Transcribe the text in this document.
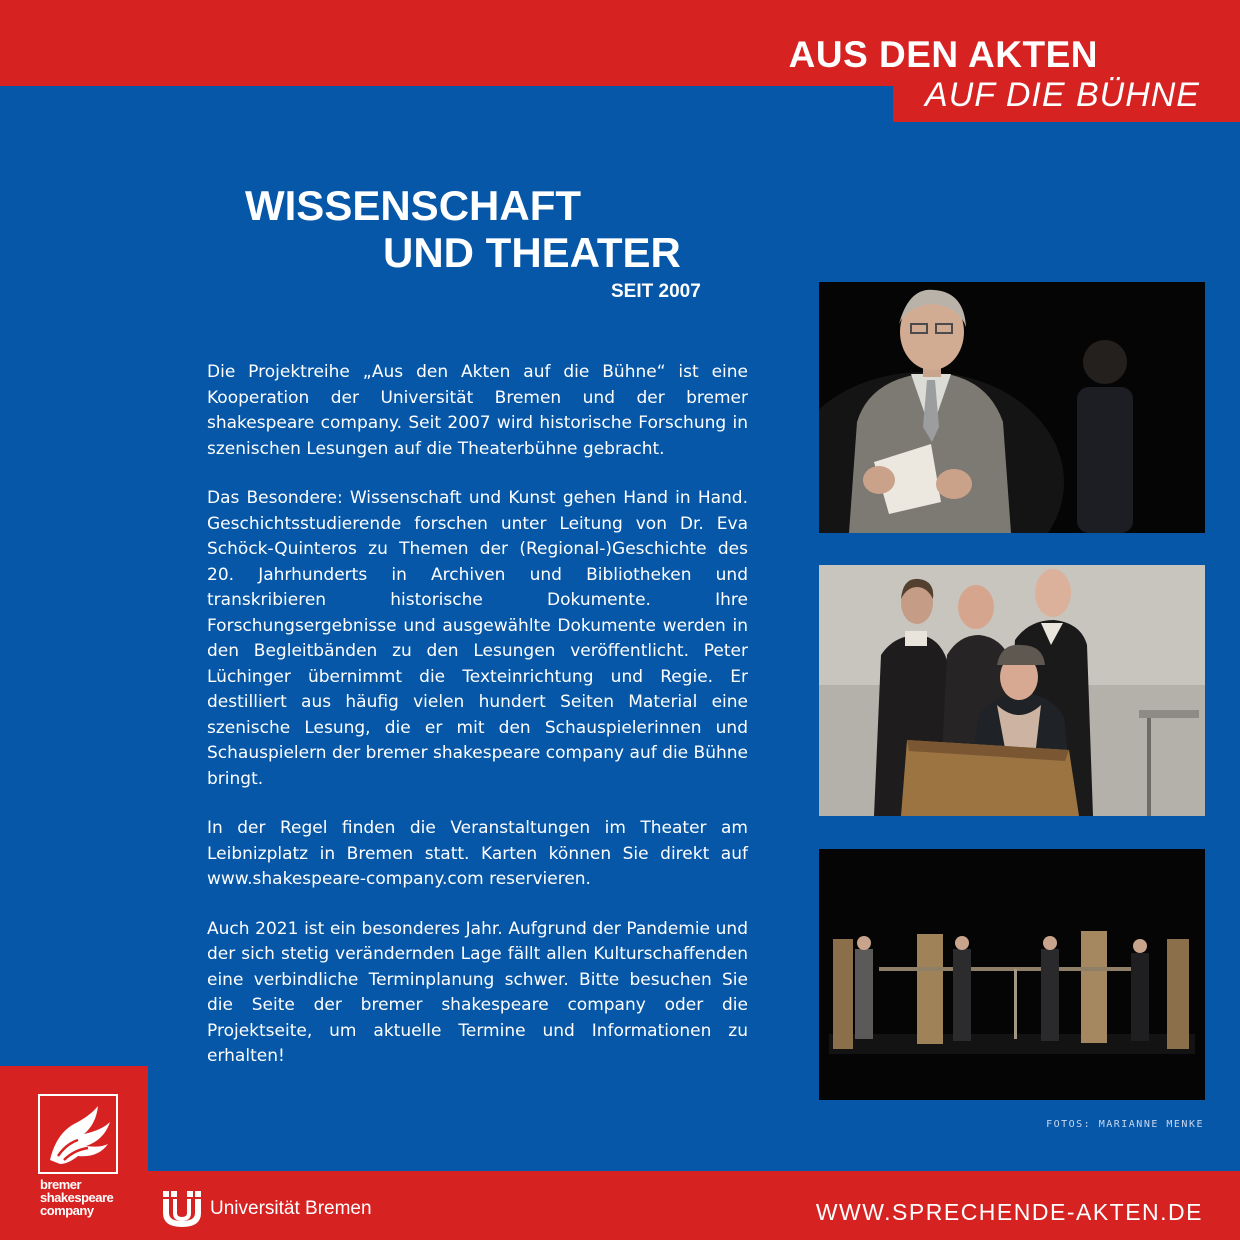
AUS DEN AKTEN
AUF DIE BÜHNE
WISSENSCHAFT
UND THEATER
SEIT 2007

Die Projektreihe „Aus den Akten auf die Bühne“ ist eine Kooperation der Universität Bremen und der bremer shakespeare company. Seit 2007 wird historische Forschung in szenischen Lesungen auf die Theaterbühne gebracht.

Das Besondere: Wissenschaft und Kunst gehen Hand in Hand. Geschichtsstudierende forschen unter Leitung von Dr. Eva Schöck-Quinteros zu Themen der (Regional-)Geschichte des 20. Jahrhunderts in Archiven und Bibliotheken und transkribieren historische Dokumente. Ihre Forschungsergebnisse und ausgewählte Dokumente werden in den Begleitbänden zu den Lesungen veröffentlicht. Peter Lüchinger übernimmt die Texteinrichtung und Regie. Er destilliert aus häufig vielen hundert Seiten Material eine szenische Lesung, die er mit den Schauspielerinnen und Schauspielern der bremer shakespeare company auf die Bühne bringt.

In der Regel finden die Veranstaltungen im Theater am Leibnizplatz in Bremen statt. Karten können Sie direkt auf www.shakespeare-company.com reservieren.

Auch 2021 ist ein besonderes Jahr. Aufgrund der Pandemie und der sich stetig verändernden Lage fällt allen Kulturschaffenden eine verbindliche Terminplanung schwer. Bitte besuchen Sie die Seite der bremer shakespeare company oder die Projektseite, um aktuelle Termine und Informationen zu erhalten!

FOTOS: MARIANNE MENKE
bremer
shakespeare
company	Universität Bremen	WWW.SPRECHENDE-AKTEN.DE
